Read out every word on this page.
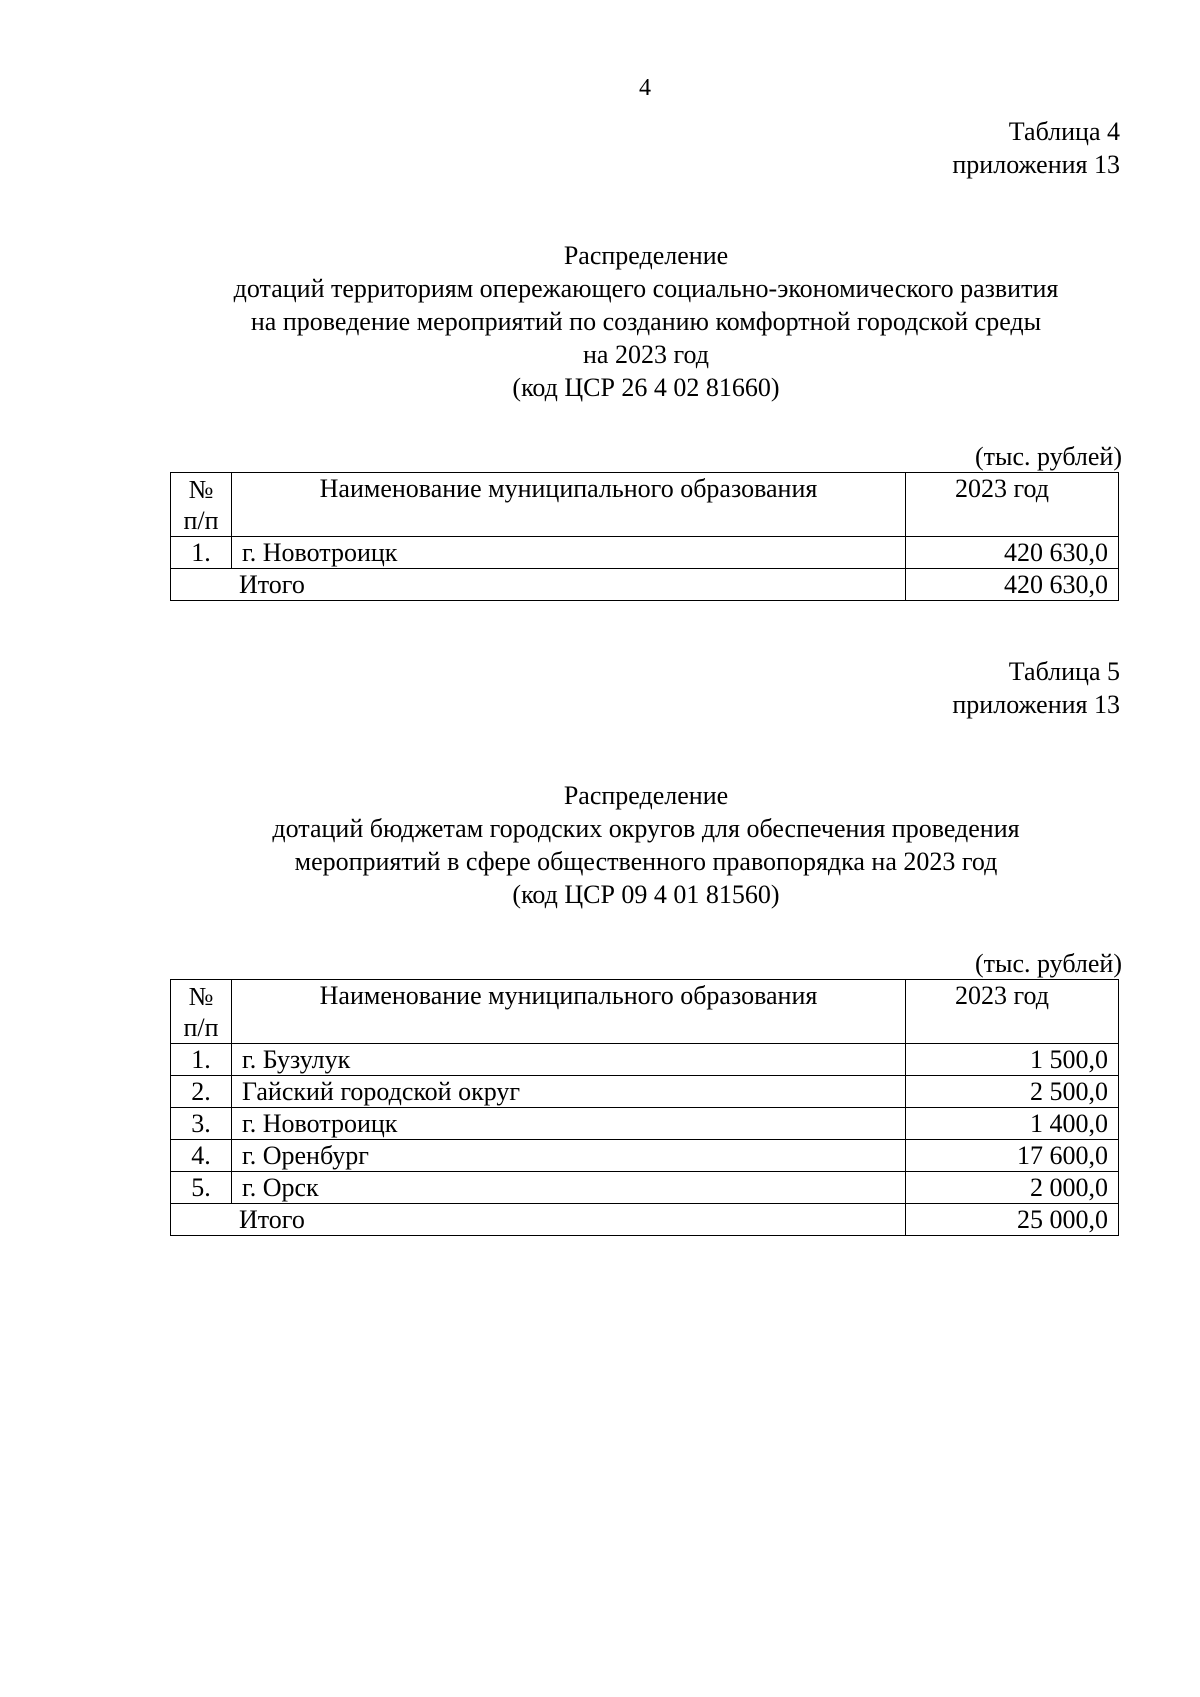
4
Таблица 4
приложения 13
Распределение
дотаций территориям опережающего социально-экономического развития
на проведение мероприятий по созданию комфортной городской среды
на 2023 год
(код ЦСР 26 4 02 81660)
(тыс. рублей)
№
п/п	Наименование муниципального образования	2023 год
1.	г. Новотроицк	420 630,0
Итого		420 630,0
Таблица 5
приложения 13
Распределение
дотаций бюджетам городских округов для обеспечения проведения
мероприятий в сфере общественного правопорядка на 2023 год
(код ЦСР 09 4 01 81560)
(тыс. рублей)
№
п/п	Наименование муниципального образования	2023 год
1.	г. Бузулук	1 500,0
2.	Гайский городской округ	2 500,0
3.	г. Новотроицк	1 400,0
4.	г. Оренбург	17 600,0
5.	г. Орск	2 000,0
Итого		25 000,0
